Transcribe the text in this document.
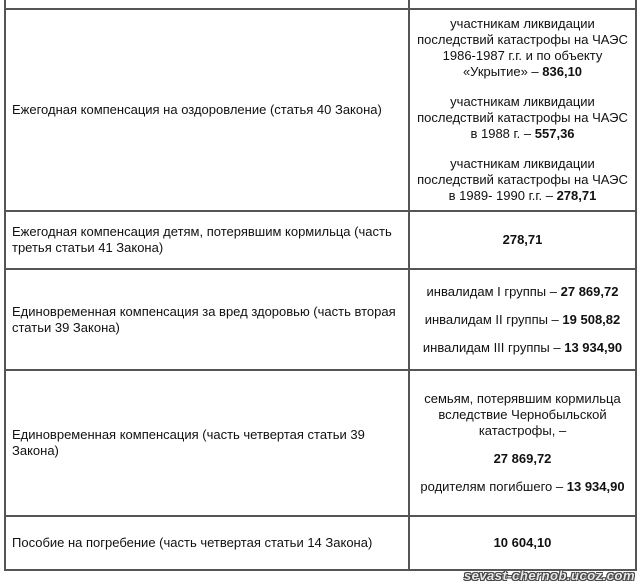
Ежегодная компенсация на оздоровление (статья 40 Закона)	участникам ликвидации последствий катастрофы на ЧАЭС 1986-1987 г.г. и по объекту «Укрытие» – 836,10

участникам ликвидации последствий катастрофы на ЧАЭС в 1988 г. – 557,36

участникам ликвидации последствий катастрофы на ЧАЭС в 1989- 1990 г.г. – 278,71

Ежегодная компенсация детям, потерявшим кормильца (часть третья статьи 41 Закона)	278,71
Единовременная компенсация за вред здоровью (часть вторая статьи 39 Закона)	инвалидам I группы – 27 869,72

инвалидам II группы – 19 508,82

инвалидам III группы – 13 934,90

Единовременная компенсация (часть четвертая статьи 39 Закона)	семьям, потерявшим кормильца вследствие Чернобыльской катастрофы, –

27 869,72

родителям погибшего – 13 934,90

Пособие на погребение (часть четвертая статьи 14 Закона)	10 604,10
sevast-chernob.ucoz.com
